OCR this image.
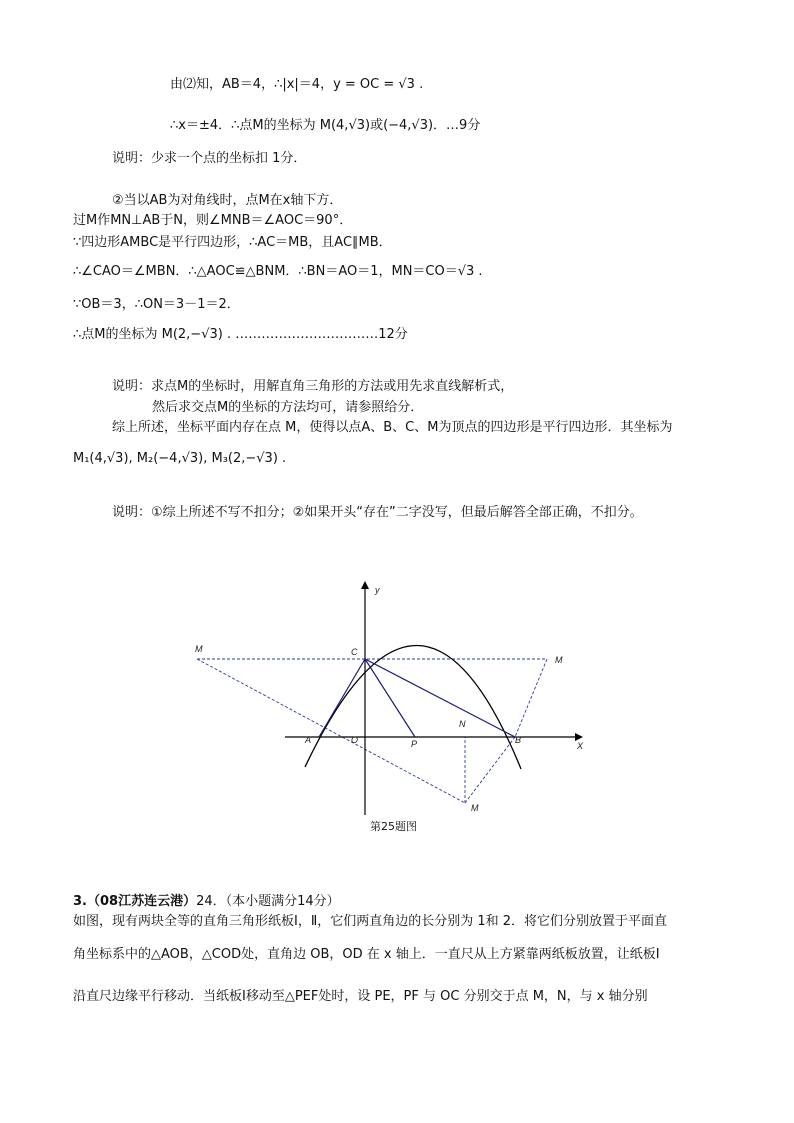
由⑵知，AB＝4，∴|x|＝4，y = OC = √3 .
∴x＝±4．∴点M的坐标为 M(4,√3)或(−4,√3)．…9分
说明：少求一个点的坐标扣 1分．
②当以AB为对角线时，点M在x轴下方．
过M作MN⊥AB于N，则∠MNB＝∠AOC＝90°．
∵四边形AMBC是平行四边形，∴AC＝MB，且AC∥MB．
∴∠CAO＝∠MBN．∴△AOC≌△BNM．∴BN＝AO＝1，MN＝CO＝√3 .
∵OB＝3，∴ON＝3－1＝2．
∴点M的坐标为 M(2,−√3) . ……………………………12分
说明：求点M的坐标时，用解直角三角形的方法或用先求直线解析式，
然后求交点M的坐标的方法均可，请参照给分．
综上所述，坐标平面内存在点 M，使得以点A、B、C、M为顶点的四边形是平行四边形．其坐标为
M₁(4,√3), M₂(−4,√3), M₃(2,−√3) .
说明：①综上所述不写不扣分；②如果开头“存在”二字没写，但最后解答全部正确，不扣分。
y
X
C
A	O	P
N
B
M
M
M
第25题图
3.（08江苏连云港）24．（本小题满分14分）
如图，现有两块全等的直角三角形纸板Ⅰ，Ⅱ，它们两直角边的长分别为 1和 2．将它们分别放置于平面直
角坐标系中的△AOB，△COD处，直角边 OB，OD 在 x 轴上．一直尺从上方紧靠两纸板放置，让纸板Ⅰ
沿直尺边缘平行移动．当纸板Ⅰ移动至△PEF处时，设 PE，PF 与 OC 分别交于点 M，N，与 x 轴分别
